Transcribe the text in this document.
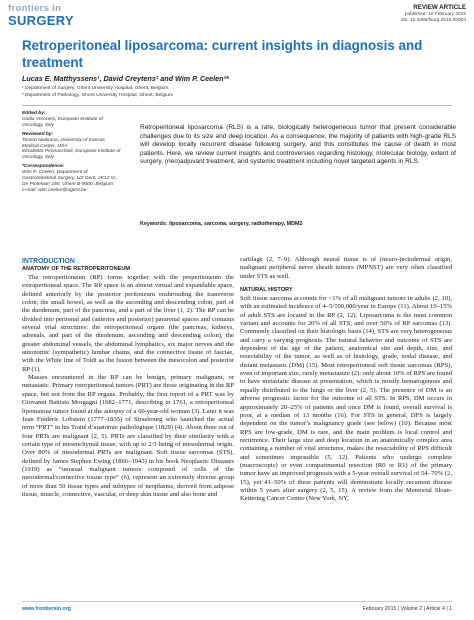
frontiers in
SURGERY
REVIEW ARTICLE
published: 10 February 2015
doi: 10.3389/fsurg.2015.00004
Retroperitoneal liposarcoma: current insights in diagnosis and treatment
Lucas E. Matthyssens¹, David Creytens² and Wim P. Ceelen¹*
¹ Department of Surgery, Ghent University Hospital, Ghent, Belgium
² Department of Pathology, Ghent University Hospital, Ghent, Belgium
Edited by:
Giulia Veronesi, European Institute of Oncology, Italy
Reviewed by:
Tomoo Iwakuma, University of Kansas Medical Center, USA
Elisabetta Pennacchioli, European Institute of Oncology, Italy
*Correspondence:
Wim P. Ceelen, Department of Gastrointestinal Surgery, UZ Gent, 2K12 IC, De Pintelaan 185, Ghent B-9000, Belgium
e-mail: wim.ceelen@ugent.be

Retroperitoneal liposarcoma (RLS) is a rare, biologically heterogeneous tumor that present considerable challenges due to its size and deep location. As a consequence, the majority of patients with high-grade RLS will develop locally recurrent disease following surgery, and this constitutes the cause of death in most patients. Here, we review current insights and controversies regarding histology, molecular biology, extent of surgery, (neo)adjuvant treatment, and systemic treatment including novel targeted agents in RLS.

Keywords: liposarcoma, sarcoma, surgery, radiotherapy, MDM2
INTRODUCTION
ANATOMY OF THE RETROPERITONEUM

The retroperitoneum (RP) forms together with the preperitoneum the extraperitoneal space. The RP space is an almost virtual and expandable space, defined anteriorly by the posterior peritoneum enshrouding the transverse colon, the small bowel, as well as the ascending and descending colon, part of the duodenum, part of the pancreas, and a part of the liver (1, 2). The RP can be divided into perirenal and (anterior and posterior) pararenal spaces and contains several vital structures: the retroperitoneal organs (the pancreas, kidneys, adrenals, and part of the duodenum, ascending and descending colon), the greater abdominal vessels, the abdominal lymphatics, six major nerves and the autonomic (sympathetic) lumbar chains, and the connective tissue of fasciae, with the White line of Toldt as the fusion between the mesocolon and posterior RP (1).

Masses encountered in the RP can be benign, primary malignant, or metastatic. Primary retroperitoneal tumors (PRT) are those originating in the RP space, but not from the RP organs. Probably, the first report of a PRT was by Giovanni Battista Morgagni (1682–1771, describing in 1761, a retroperitoneal lipomatous tumor found at the autopsy of a 60-year-old woman (3). Later it was Jean Frédéric Lobstein (1777–1835) of Strasbourg who launched the actual term “PRT” in his Traité d’anatomie pathologique (1829) (4). About three out of four PRTs are malignant (2, 5). PRTs are classified by their similarity with a certain type of mesenchymal tissue, with up to 2/3 being of mesodermal origin. Over 80% of mesodermal PRTs are malignant. Soft tissue sarcomas (STS), defined by James Stephen Ewing (1866–1943) in his book Neoplastic Diseases (1919) as “unusual malignant tumors composed of cells of the mesodermal/connective tissue type” (6), represent an extremely diverse group of more than 50 tissue types and subtypes of neoplasms, derived from adipose tissue, muscle, connective, vascular, or deep skin tissue and also bone and

cartilage (2, 7–9). Although neural tissue is of (neuro-)ectodermal origin, malignant peripheral nerve sheath tumors (MPNST) are very often classified under STS as well.

NATURAL HISTORY

Soft tissue sarcoma accounts for <1% of all malignant tumors in adults (2, 10), with an estimated incidence of 4–5/100,000/year in Europe (11). About 10–15% of adult STS are located in the RP (2, 12). Liposarcoma is the most common variant and accounts for 20% of all STS, and over 50% of RP sarcomas (13). Commonly classified on their histologic basis (14), STS are very heterogeneous and carry a varying prognosis. The natural behavior and outcome of STS are dependent of the age of the patient, anatomical site and depth, size, and resectability of the tumor, as well as of histology, grade, nodal disease, and distant metastasis (DM) (15). Most retroperitoneal soft tissue sarcomas (RPS), even of important size, rarely metastasize (2): only about 10% of RPS are found to have metastatic disease at presentation, which is mostly hematogenous and equally distributed to the lungs or the liver (2, 5). The presence of DM is an adverse prognostic factor for the outcome of all STS. In RPS, DM occurs in approximately 20–25% of patients and once DM is found, overall survival is poor, at a median of 13 months (16). For STS in general, DFS is largely dependent on the tumor’s malignancy grade (see below) (10). Because most RPS are low-grade, DM is rare, and the main problem is local control and recurrence. Their large size and deep location in an anatomically complex area containing a number of vital structures, makes the resectability of RPS difficult and sometimes impossible (5, 12). Patients who undergo complete (macroscopic) or even compartmental resection (R0 or R1) of the primary tumor have an improved prognosis with a 5-year overall survival of 54–70% (2, 15), yet 41–50% of these patients will demonstrate locally recurrent disease within 5 years after surgery (2, 5, 15). A review from the Memorial Sloan-Kettering Cancer Center (New York, NY,

www.frontiersin.org	February 2015 | Volume 2 | Article 4 | 1
